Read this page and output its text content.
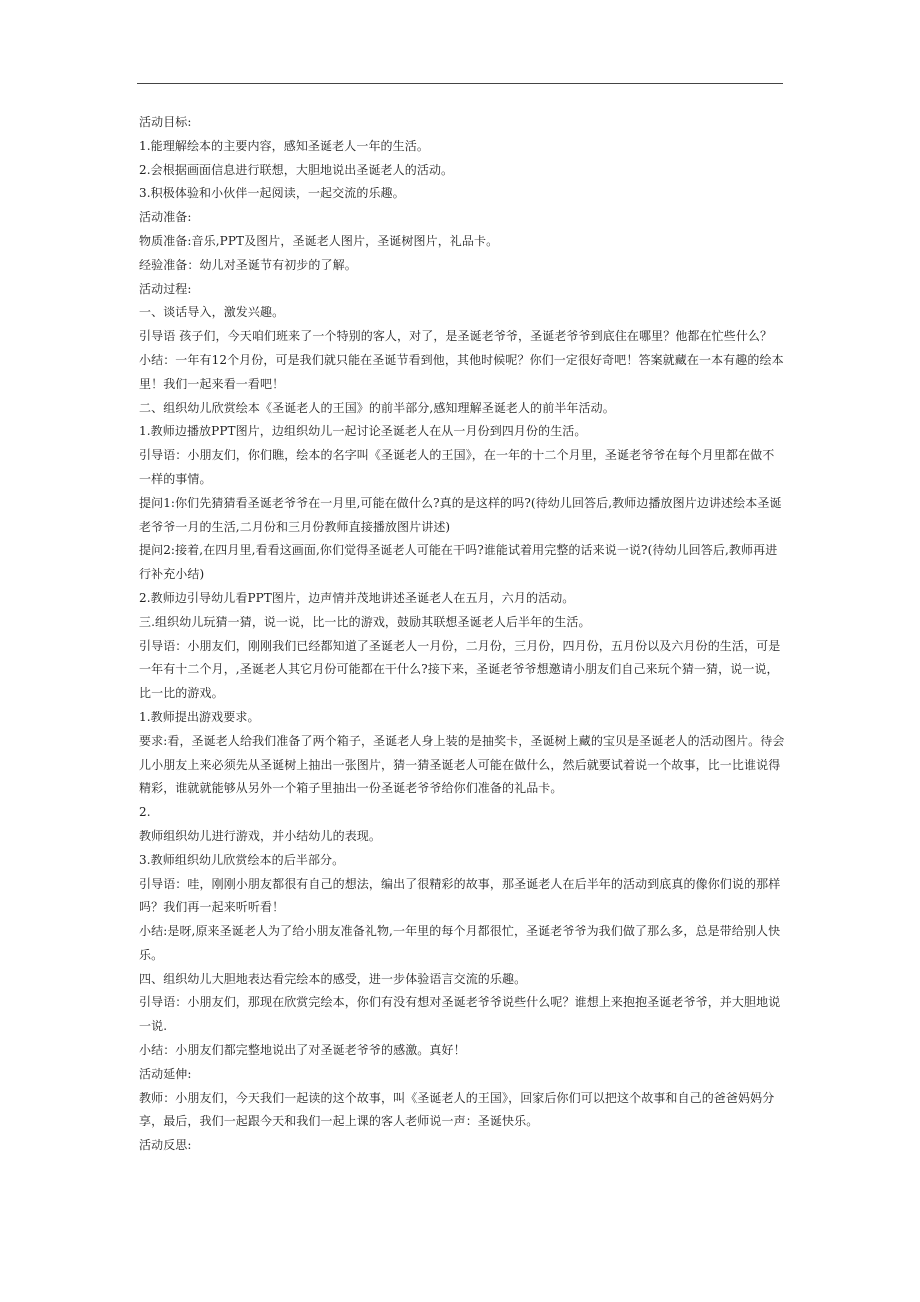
活动目标:

1.能理解绘本的主要内容，感知圣诞老人一年的生活。

2.会根据画面信息进行联想，大胆地说出圣诞老人的活动。

3.积极体验和小伙伴一起阅读，一起交流的乐趣。

活动准备:

物质准备:音乐,PPT及图片，圣诞老人图片，圣诞树图片，礼品卡。

经验准备：幼儿对圣诞节有初步的了解。

活动过程:

一、谈话导入，激发兴趣。

引导语 孩子们，今天咱们班来了一个特别的客人，对了，是圣诞老爷爷，圣诞老爷爷到底住在哪里？他都在忙些什么？

小结：一年有12个月份，可是我们就只能在圣诞节看到他，其他时候呢？你们一定很好奇吧！答案就藏在一本有趣的绘本里！我们一起来看一看吧！

二、组织幼儿欣赏绘本《圣诞老人的王国》的前半部分,感知理解圣诞老人的前半年活动。

1.教师边播放PPT图片，边组织幼儿一起讨论圣诞老人在从一月份到四月份的生活。

引导语：小朋友们，你们瞧，绘本的名字叫《圣诞老人的王国》，在一年的十二个月里，圣诞老爷爷在每个月里都在做不一样的事情。

提问1:你们先猜猜看圣诞老爷爷在一月里,可能在做什么?真的是这样的吗?(待幼儿回答后,教师边播放图片边讲述绘本圣诞老爷爷一月的生活,二月份和三月份教师直接播放图片讲述)

提问2:接着,在四月里,看看这画面,你们觉得圣诞老人可能在干吗?谁能试着用完整的话来说一说?(待幼儿回答后,教师再进行补充小结)

2.教师边引导幼儿看PPT图片，边声情并茂地讲述圣诞老人在五月，六月的活动。

三.组织幼儿玩猜一猜，说一说，比一比的游戏，鼓励其联想圣诞老人后半年的生活。

引导语：小朋友们，刚刚我们已经都知道了圣诞老人一月份，二月份，三月份，四月份，五月份以及六月份的生活，可是一年有十二个月，,圣诞老人其它月份可能都在干什么?接下来，圣诞老爷爷想邀请小朋友们自己来玩个猜一猜，说一说，比一比的游戏。

1.教师提出游戏要求。

要求:看，圣诞老人给我们准备了两个箱子，圣诞老人身上装的是抽奖卡，圣诞树上藏的宝贝是圣诞老人的活动图片。待会儿小朋友上来必须先从圣诞树上抽出一张图片，猜一猜圣诞老人可能在做什么，然后就要试着说一个故事，比一比谁说得精彩，谁就就能够从另外一个箱子里抽出一份圣诞老爷爷给你们准备的礼品卡。

2.

教师组织幼儿进行游戏，并小结幼儿的表现。

3.教师组织幼儿欣赏绘本的后半部分。

引导语：哇，刚刚小朋友都很有自己的想法，编出了很精彩的故事，那圣诞老人在后半年的活动到底真的像你们说的那样吗？我们再一起来听听看！

小结:是呀,原来圣诞老人为了给小朋友准备礼物,一年里的每个月都很忙，圣诞老爷爷为我们做了那么多，总是带给别人快乐。

四、组织幼儿大胆地表达看完绘本的感受，进一步体验语言交流的乐趣。

引导语：小朋友们，那现在欣赏完绘本，你们有没有想对圣诞老爷爷说些什么呢？谁想上来抱抱圣诞老爷爷，并大胆地说一说.

小结：小朋友们都完整地说出了对圣诞老爷爷的感激。真好！

活动延伸:

教师：小朋友们，今天我们一起读的这个故事，叫《圣诞老人的王国》，回家后你们可以把这个故事和自己的爸爸妈妈分享，最后，我们一起跟今天和我们一起上课的客人老师说一声：圣诞快乐。

活动反思:
